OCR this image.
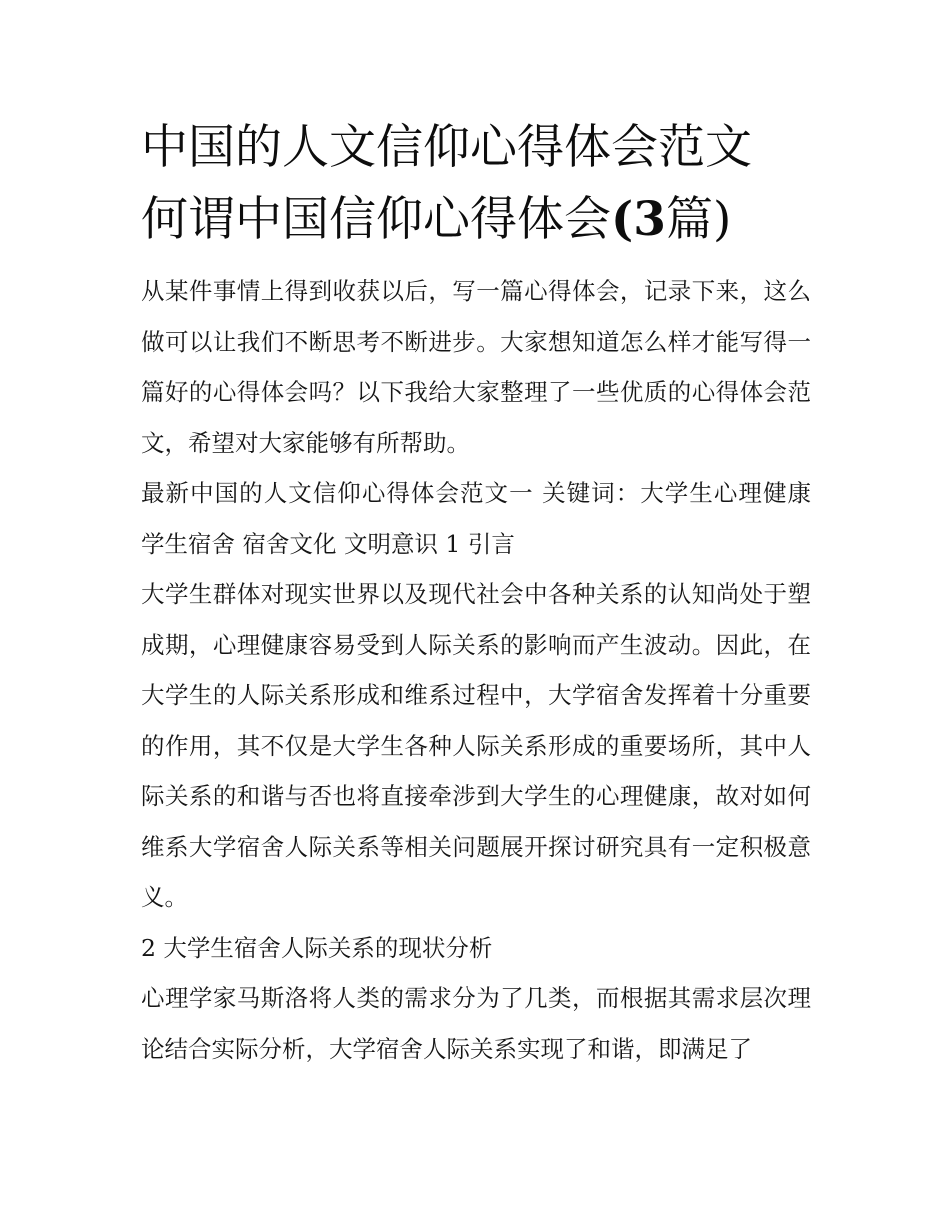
中国的人文信仰心得体会范文
何谓中国信仰心得体会(3篇)

从某件事情上得到收获以后，写一篇心得体会，记录下来，这么做可以让我们不断思考不断进步。大家想知道怎么样才能写得一篇好的心得体会吗？以下我给大家整理了一些优质的心得体会范文，希望对大家能够有所帮助。

最新中国的人文信仰心得体会范文一 关键词：大学生心理健康 学生宿舍 宿舍文化 文明意识 1 引言

大学生群体对现实世界以及现代社会中各种关系的认知尚处于塑成期，心理健康容易受到人际关系的影响而产生波动。因此，在大学生的人际关系形成和维系过程中，大学宿舍发挥着十分重要的作用，其不仅是大学生各种人际关系形成的重要场所，其中人际关系的和谐与否也将直接牵涉到大学生的心理健康，故对如何维系大学宿舍人际关系等相关问题展开探讨研究具有一定积极意义。

2 大学生宿舍人际关系的现状分析

心理学家马斯洛将人类的需求分为了几类，而根据其需求层次理论结合实际分析，大学宿舍人际关系实现了和谐，即满足了
